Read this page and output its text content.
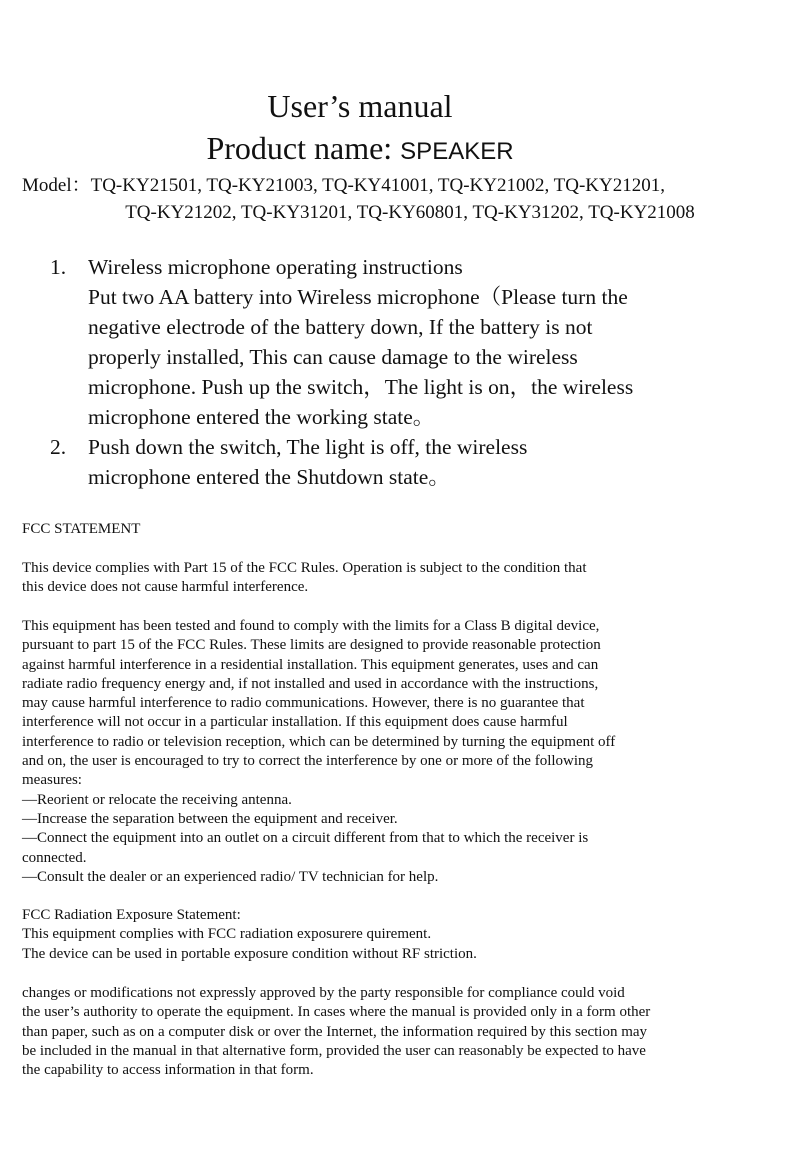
User’s manual
Product name: SPEAKER
Model：TQ-KY21501, TQ-KY21003, TQ-KY41001, TQ-KY21002, TQ-KY21201,
TQ-KY21202, TQ-KY31201, TQ-KY60801, TQ-KY31202, TQ-KY21008
1. Wireless microphone operating instructions
Put two AA battery into Wireless microphone（Please turn the
negative electrode of the battery down, If the battery is not
properly installed, This can cause damage to the wireless
microphone. Push up the switch，The light is on，the wireless
microphone entered the working state。
2. Push down the switch, The light is off, the wireless
microphone entered the Shutdown state。
FCC STATEMENT
This device complies with Part 15 of the FCC Rules. Operation is subject to the condition that
this device does not cause harmful interference.
This equipment has been tested and found to comply with the limits for a Class B digital device,
pursuant to part 15 of the FCC Rules. These limits are designed to provide reasonable protection
against harmful interference in a residential installation. This equipment generates, uses and can
radiate radio frequency energy and, if not installed and used in accordance with the instructions,
may cause harmful interference to radio communications. However, there is no guarantee that
interference will not occur in a particular installation. If this equipment does cause harmful
interference to radio or television reception, which can be determined by turning the equipment off
and on, the user is encouraged to try to correct the interference by one or more of the following
measures:
—Reorient or relocate the receiving antenna.
—Increase the separation between the equipment and receiver.
—Connect the equipment into an outlet on a circuit different from that to which the receiver is
connected.
—Consult the dealer or an experienced radio/ TV technician for help.
FCC Radiation Exposure Statement:
This equipment complies with FCC radiation exposurere quirement.
The device can be used in portable exposure condition without RF striction.
changes or modifications not expressly approved by the party responsible for compliance could void
the user’s authority to operate the equipment. In cases where the manual is provided only in a form other
than paper, such as on a computer disk or over the Internet, the information required by this section may
be included in the manual in that alternative form, provided the user can reasonably be expected to have
the capability to access information in that form.
